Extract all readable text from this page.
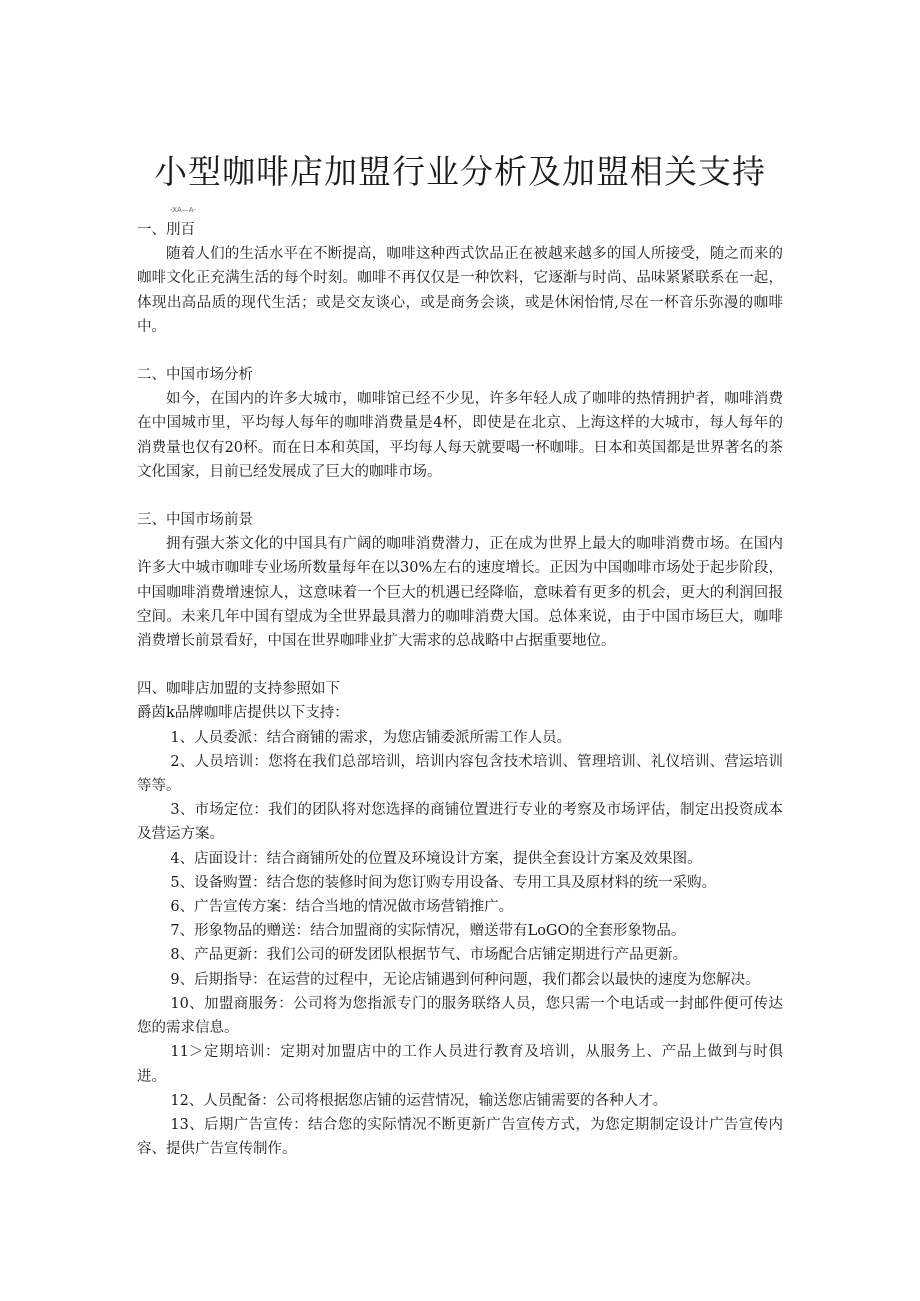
小型咖啡店加盟行业分析及加盟相关支持
-XA—A-

一、刖百

随着人们的生活水平在不断提高，咖啡这种西式饮品正在被越来越多的国人所接受，随之而来的咖啡文化正充满生活的每个时刻。咖啡不再仅仅是一种饮料，它逐渐与时尚、品味紧紧联系在一起，体现出高品质的现代生活；或是交友谈心，或是商务会谈，或是休闲怡情,尽在一杯音乐弥漫的咖啡中。

二、中国市场分析

如今，在国内的许多大城市，咖啡馆已经不少见，许多年轻人成了咖啡的热情拥护者，咖啡消费在中国城市里，平均每人每年的咖啡消费量是4杯，即使是在北京、上海这样的大城市，每人每年的消费量也仅有20杯。而在日本和英国，平均每人每天就要喝一杯咖啡。日本和英国都是世界著名的茶文化国家，目前已经发展成了巨大的咖啡市场。

三、中国市场前景

拥有强大茶文化的中国具有广阔的咖啡消费潜力，正在成为世界上最大的咖啡消费市场。在国内许多大中城市咖啡专业场所数量每年在以30%左右的速度增长。正因为中国咖啡市场处于起步阶段，中国咖啡消费增速惊人，这意味着一个巨大的机遇已经降临，意味着有更多的机会，更大的利润回报空间。未来几年中国有望成为全世界最具潜力的咖啡消费大国。总体来说，由于中国市场巨大，咖啡消费增长前景看好，中国在世界咖啡业扩大需求的总战略中占据重要地位。

四、咖啡店加盟的支持参照如下

爵茵k品牌咖啡店提供以下支持：

1、人员委派：结合商铺的需求，为您店铺委派所需工作人员。

2、人员培训：您将在我们总部培训，培训内容包含技术培训、管理培训、礼仪培训、营运培训等等。

3、市场定位：我们的团队将对您选择的商铺位置进行专业的考察及市场评估，制定出投资成本及营运方案。

4、店面设计：结合商铺所处的位置及环境设计方案，提供全套设计方案及效果图。

5、设备购置：结合您的装修时间为您订购专用设备、专用工具及原材料的统一采购。

6、广告宣传方案：结合当地的情况做市场营销推广。

7、形象物品的赠送：结合加盟商的实际情况，赠送带有LoGO的全套形象物品。

8、产品更新：我们公司的研发团队根据节气、市场配合店铺定期进行产品更新。

9、后期指导：在运营的过程中，无论店铺遇到何种问题，我们都会以最快的速度为您解决。

10、加盟商服务：公司将为您指派专门的服务联络人员，您只需一个电话或一封邮件便可传达您的需求信息。

11＞定期培训：定期对加盟店中的工作人员进行教育及培训，从服务上、产品上做到与时俱进。

12、人员配备：公司将根据您店铺的运营情况，输送您店铺需要的各种人才。

13、后期广告宣传：结合您的实际情况不断更新广告宣传方式，为您定期制定设计广告宣传内容、提供广告宣传制作。
